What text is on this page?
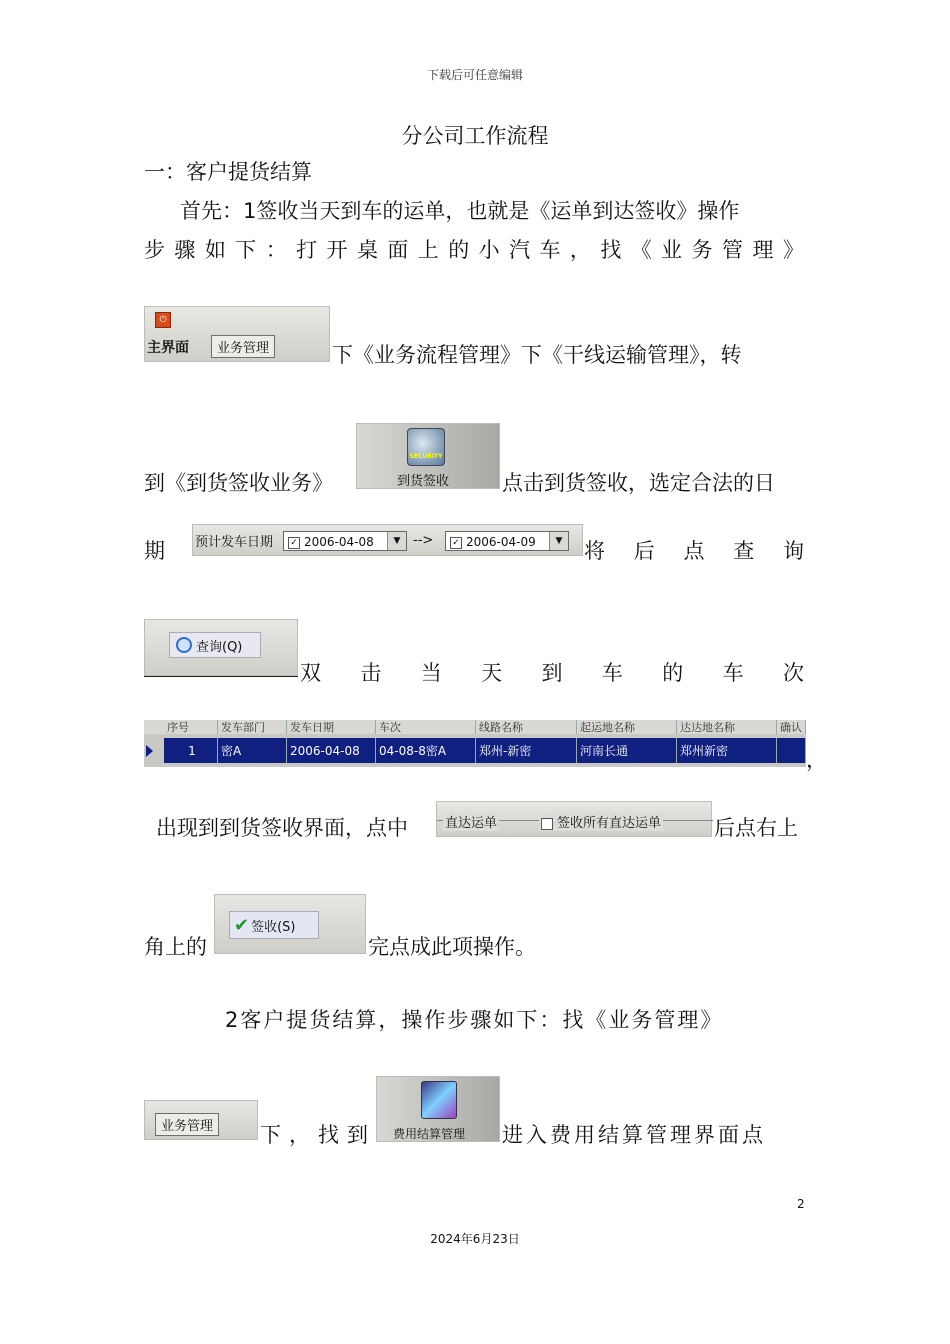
下载后可任意编辑
分公司工作流程
一：客户提货结算
首先：1签收当天到车的运单，也就是《运单到达签收》操作
步 骤 如 下 ： 打 开 桌 面 上 的 小 汽 车 ， 找 《 业 务 管 理 》
⏻
主界面	业务管理	下《业务流程管理》下《干线运输管理》，转
到《到货签收业务》
SECURITY
到货签收	点击到货签收，选定合法的日
期 预计发车日期	✓ 2006-04-08	▼ -->	✓ 2006-04-09	▼ 将 后 点 查 询
查询(Q)
双 击 当 天 到 车 的 车 次
序号	发车部门	发车日期	车次	线路名称	起运地名称	达达地名称	确认
1	密A	2006-04-08	04-08-8密A	郑州-新密	河南长通	郑州新密	，
出现到到货签收界面，点中	直达运单	签收所有直达运单	后点右上
角上的
✔ 签收(S)
完点成此项操作。
2客户提货结算，操作步骤如下：找《业务管理》
业务管理 下，找到 费用结算管理 进入费用结算管理界面点
2
2024年6月23日
